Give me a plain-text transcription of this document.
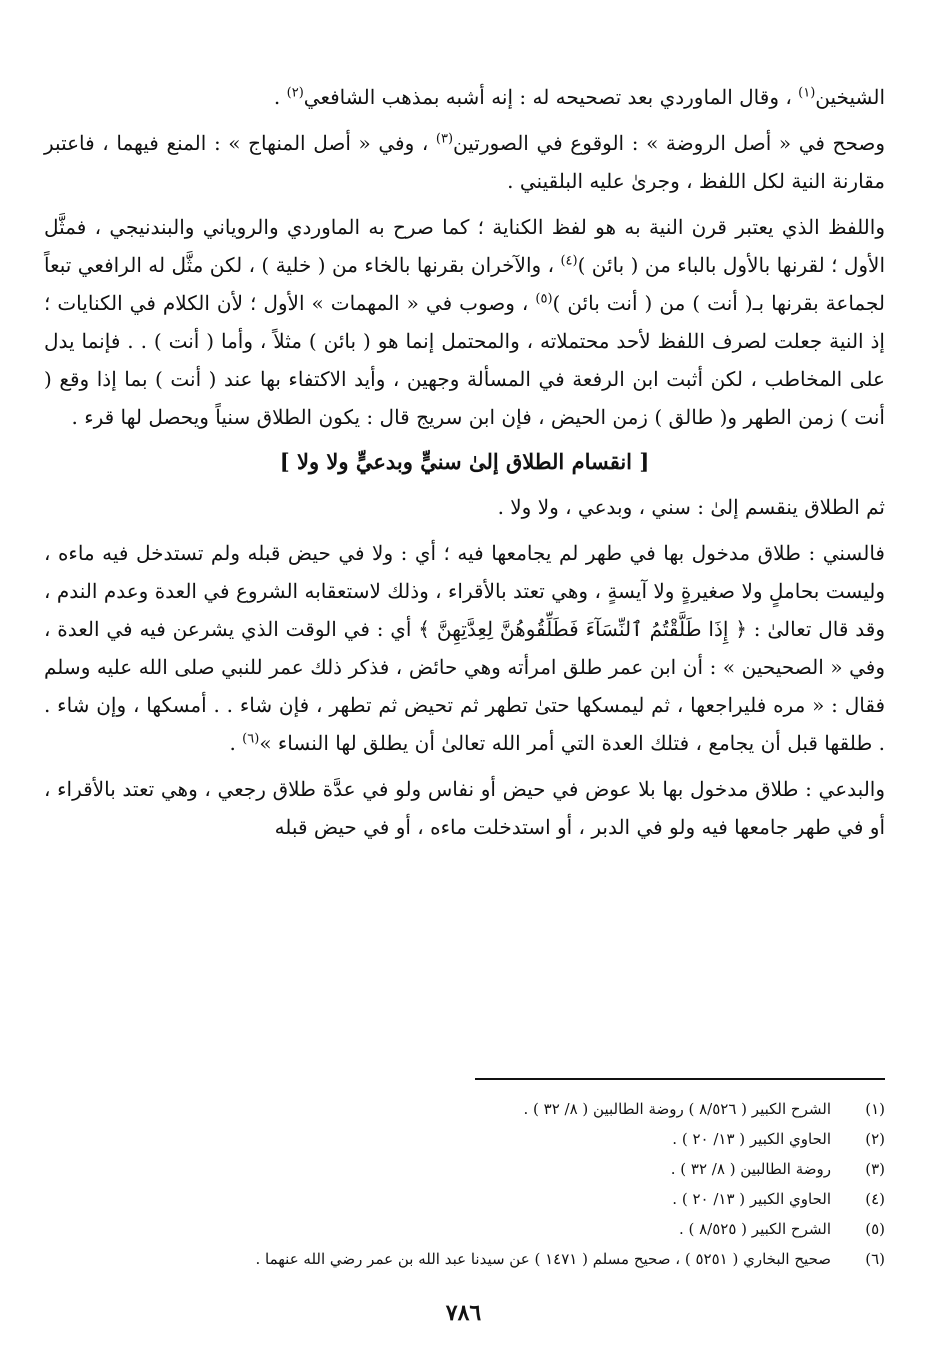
الشيخين$^{(١)}$ ، وقال الماوردي بعد تصحيحه له : إنه أشبه بمذهب الشافعي$^{(٢)}$ .

وصحح في « أصل الروضة » : الوقوع في الصورتين$^{(٣)}$ ، وفي « أصل المنهاج » : المنع فيهما ، فاعتبر مقارنة النية لكل اللفظ ، وجرىٰ عليه البلقيني .

واللفظ الذي يعتبر قرن النية به هو لفظ الكناية ؛ كما صرح به الماوردي والروياني والبندنيجي ، فمثَّل الأول ؛ لقرنها بالأول بالباء من ( بائن )$^{(٤)}$ ، والآخران بقرنها بالخاء من ( خلية ) ، لكن مثَّل له الرافعي تبعاً لجماعة بقرنها بـ( أنت ) من ( أنت بائن )$^{(٥)}$ ، وصوب في « المهمات » الأول ؛ لأن الكلام في الكنايات ؛ إذ النية جعلت لصرف اللفظ لأحد محتملاته ، والمحتمل إنما هو ( بائن ) مثلاً ، وأما ( أنت ) . . فإنما يدل على المخاطب ، لكن أثبت ابن الرفعة في المسألة وجهين ، وأيد الاكتفاء بها عند ( أنت ) بما إذا وقع ( أنت ) زمن الطهر و( طالق ) زمن الحيض ، فإن ابن سريج قال : يكون الطلاق سنياً ويحصل لها قرء .

[ انقسام الطلاق إلىٰ سنيٍّ وبدعيٍّ ولا ولا ]

ثم الطلاق ينقسم إلىٰ : سني ، وبدعي ، ولا ولا .

فالسني : طلاق مدخول بها في طهر لم يجامعها فيه ؛ أي : ولا في حيض قبله ولم تستدخل فيه ماءه ، وليست بحاملٍ ولا صغيرةٍ ولا آيسةٍ ، وهي تعتد بالأقراء ، وذلك لاستعقابه الشروع في العدة وعدم الندم ، وقد قال تعالىٰ : ﴿ إِذَا طَلَّقْتُمُ ٱلنِّسَآءَ فَطَلِّقُوهُنَّ لِعِدَّتِهِنَّ ﴾ أي : في الوقت الذي يشرعن فيه في العدة ، وفي « الصحيحين » : أن ابن عمر طلق امرأته وهي حائض ، فذكر ذلك عمر للنبي صلى الله عليه وسلم فقال : « مره فليراجعها ، ثم ليمسكها حتىٰ تطهر ثم تحيض ثم تطهر ، فإن شاء . . أمسكها ، وإن شاء . . طلقها قبل أن يجامع ، فتلك العدة التي أمر الله تعالىٰ أن يطلق لها النساء »$^{(٦)}$ .

والبدعي : طلاق مدخول بها بلا عوض في حيض أو نفاس ولو في عدَّة طلاق رجعي ، وهي تعتد بالأقراء ، أو في طهر جامعها فيه ولو في الدبر ، أو استدخلت ماءه ، أو في حيض قبله

(١)
الشرح الكبير ( ٨/٥٢٦ ) روضة الطالبين ( ٨/ ٣٢ ) .
(٢)
الحاوي الكبير ( ١٣/ ٢٠ ) .
(٣)
روضة الطالبين ( ٨/ ٣٢ ) .
(٤)
الحاوي الكبير ( ١٣/ ٢٠ ) .
(٥)
الشرح الكبير ( ٨/٥٢٥ ) .
(٦)
صحيح البخاري ( ٥٢٥١ ) ، صحيح مسلم ( ١٤٧١ ) عن سيدنا عبد الله بن عمر رضي الله عنهما .
٧٨٦
